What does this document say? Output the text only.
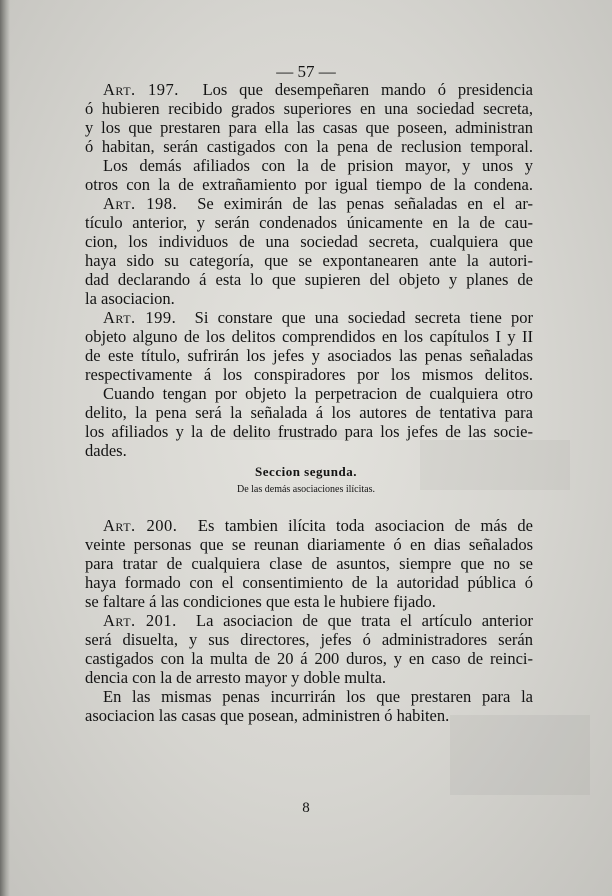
— 57 —
Art. 197. Los que desempeñaren mando ó presidencia
ó hubieren recibido grados superiores en una sociedad secreta,
y los que prestaren para ella las casas que poseen, administran
ó habitan, serán castigados con la pena de reclusion temporal.
Los demás afiliados con la de prision mayor, y unos y
otros con la de extrañamiento por igual tiempo de la condena.
Art. 198. Se eximirán de las penas señaladas en el ar-
tículo anterior, y serán condenados únicamente en la de cau-
cion, los individuos de una sociedad secreta, cualquiera que
haya sido su categoría, que se expontanearen ante la autori-
dad declarando á esta lo que supieren del objeto y planes de
la asociacion.
Art. 199. Si constare que una sociedad secreta tiene por
objeto alguno de los delitos comprendidos en los capítulos I y II
de este título, sufrirán los jefes y asociados las penas señaladas
respectivamente á los conspiradores por los mismos delitos.
Cuando tengan por objeto la perpetracion de cualquiera otro
delito, la pena será la señalada á los autores de tentativa para
los afiliados y la de delito frustrado para los jefes de las socie-
dades.
Seccion segunda.
De las demás asociaciones ilícitas.
Art. 200. Es tambien ilícita toda asociacion de más de
veinte personas que se reunan diariamente ó en dias señalados
para tratar de cualquiera clase de asuntos, siempre que no se
haya formado con el consentimiento de la autoridad pública ó
se faltare á las condiciones que esta le hubiere fijado.
Art. 201. La asociacion de que trata el artículo anterior
será disuelta, y sus directores, jefes ó administradores serán
castigados con la multa de 20 á 200 duros, y en caso de reinci-
dencia con la de arresto mayor y doble multa.
En las mismas penas incurrirán los que prestaren para la
asociacion las casas que posean, administren ó habiten.
8
